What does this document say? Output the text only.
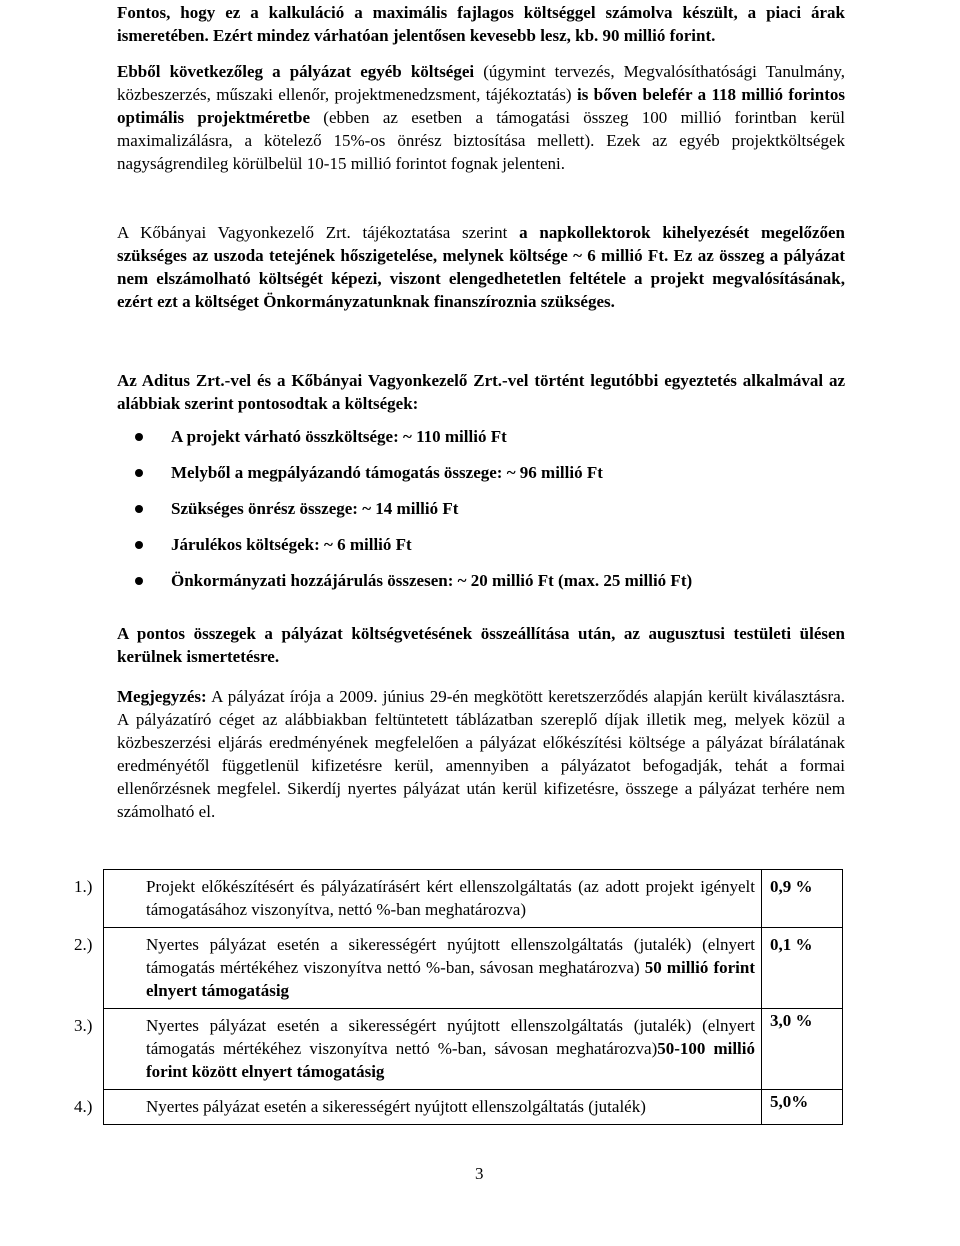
Fontos, hogy ez a kalkuláció a maximális fajlagos költséggel számolva készült, a piaci árak ismeretében. Ezért mindez várhatóan jelentősen kevesebb lesz, kb. 90 millió forint.

Ebből következőleg a pályázat egyéb költségei (úgymint tervezés, Megvalósíthatósági Tanulmány, közbeszerzés, műszaki ellenőr, projektmenedzsment, tájékoztatás) is bőven belefér a 118 millió forintos optimális projektméretbe (ebben az esetben a támogatási összeg 100 millió forintban kerül maximalizálásra, a kötelező 15%-os önrész biztosítása mellett). Ezek az egyéb projektköltségek nagyságrendileg körülbelül 10-15 millió forintot fognak jelenteni.

A Kőbányai Vagyonkezelő Zrt. tájékoztatása szerint a napkollektorok kihelyezését megelőzően szükséges az uszoda tetejének hőszigetelése, melynek költsége ~ 6 millió Ft. Ez az összeg a pályázat nem elszámolható költségét képezi, viszont elengedhetetlen feltétele a projekt megvalósításának, ezért ezt a költséget Önkormányzatunknak finanszíroznia szükséges.

Az Aditus Zrt.-vel és a Kőbányai Vagyonkezelő Zrt.-vel történt legutóbbi egyeztetés alkalmával az alábbiak szerint pontosodtak a költségek:

A projekt várható összköltsége: ~ 110 millió Ft
Melyből a megpályázandó támogatás összege: ~ 96 millió Ft
Szükséges önrész összege: ~ 14 millió Ft
Járulékos költségek: ~ 6 millió Ft
Önkormányzati hozzájárulás összesen: ~ 20 millió Ft (max. 25 millió Ft)

A pontos összegek a pályázat költségvetésének összeállítása után, az augusztusi testületi ülésen kerülnek ismertetésre.

Megjegyzés: A pályázat írója a 2009. június 29-én megkötött keretszerződés alapján került kiválasztásra. A pályázatíró céget az alábbiakban feltüntetett táblázatban szereplő díjak illetik meg, melyek közül a közbeszerzési eljárás eredményének megfelelően a pályázat előkészítési költsége a pályázat bírálatának eredményétől függetlenül kifizetésre kerül, amennyiben a pályázatot befogadják, tehát a formai ellenőrzésnek megfelel. Sikerdíj nyertes pályázat után kerül kifizetésre, összege a pályázat terhére nem számolható el.

1.) Projekt előkészítésért és pályázatírásért kért ellenszolgáltatás (az adott projekt igényelt támogatásához viszonyítva, nettó %-ban meghatározva)	0,9 %

2.) Nyertes pályázat esetén a sikerességért nyújtott ellenszolgáltatás (jutalék) (elnyert támogatás mértékéhez viszonyítva nettó %-ban, sávosan meghatározva) 50 millió forint elnyert támogatásig	0,1 %

3.) Nyertes pályázat esetén a sikerességért nyújtott ellenszolgáltatás (jutalék) (elnyert támogatás mértékéhez viszonyítva nettó %-ban, sávosan meghatározva)50-100 millió forint között elnyert támogatásig	3,0 %

4.) Nyertes pályázat esetén a sikerességért nyújtott ellenszolgáltatás (jutalék)	5,0%
3
